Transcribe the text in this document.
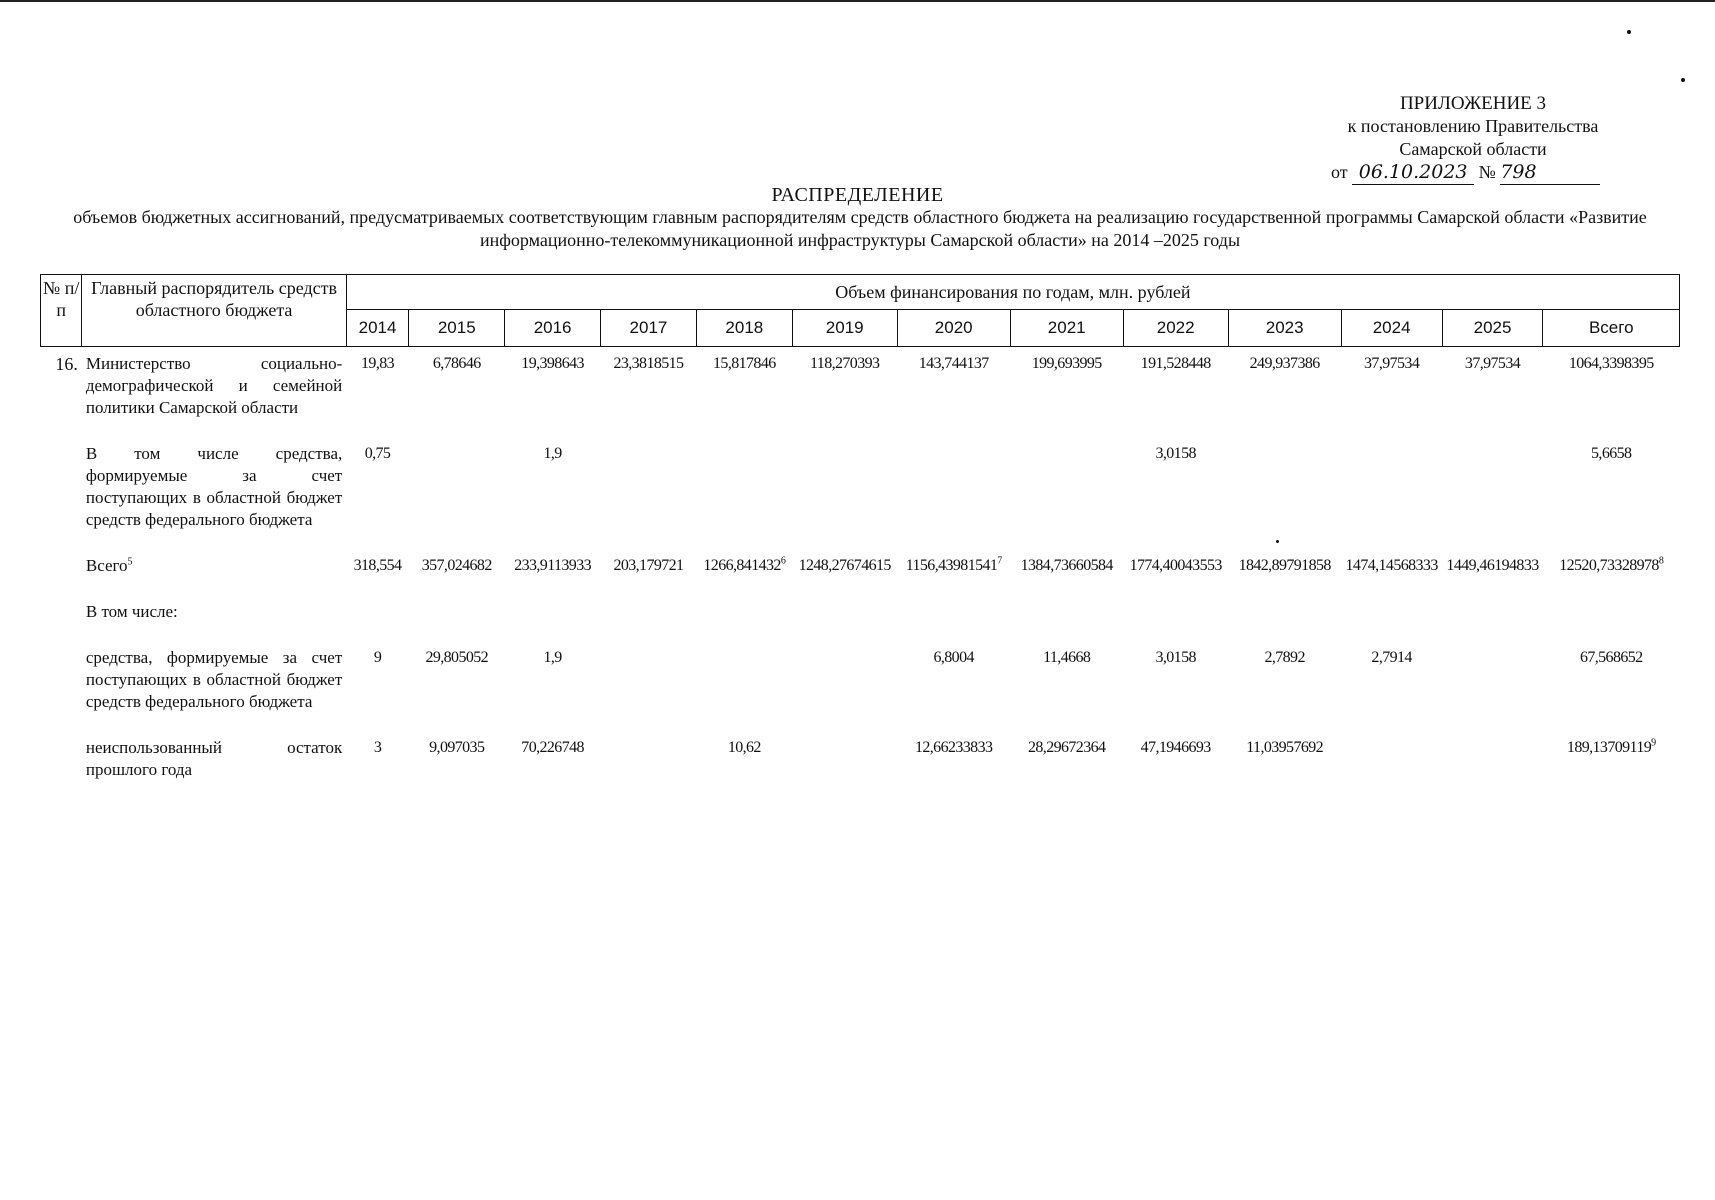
ПРИЛОЖЕНИЕ 3
к постановлению Правительства
Самарской области
от 06.10.2023 № 798
РАСПРЕДЕЛЕНИЕ
объемов бюджетных ассигнований, предусматриваемых соответствующим главным распорядителям средств областного бюджета на реализацию государственной программы Самарской области «Развитие информационно-телекоммуникационной инфраструктуры Самарской области» на 2014 –2025 годы
№ п/п	Главный распорядитель средств областного бюджета	Объем финансирования по годам, млн. рублей												
		2014	2015	2016	2017	2018	2019	2020	2021	2022	2023	2024	2025	Всего
16.	Министерство социально-демографической и семейной политики Самарской области	19,83	6,78646	19,398643	23,3818515	15,817846	118,270393	143,744137	199,693995	191,528448	249,937386	37,97534	37,97534	1064,3398395
	В том числе средства, формируемые за счет поступающих в областной бюджет средств федерального бюджета	0,75		1,9						3,0158				5,6658
	Всего$^5$	318,554	357,024682	233,9113933	203,179721	1266,841432$^6$	1248,27674615	1156,43981541$^7$	1384,73660584	1774,40043553	1842,89791858	1474,14568333	1449,46194833	12520,73328978$^8$
	В том числе:													
	средства, формируемые за счет поступающих в областной бюджет средств федерального бюджета	9	29,805052	1,9				6,8004	11,4668	3,0158	2,7892	2,7914		67,568652
	неиспользованный остаток прошлого года	3	9,097035	70,226748		10,62		12,66233833	28,29672364	47,1946693	11,03957692			189,13709119$^9$
